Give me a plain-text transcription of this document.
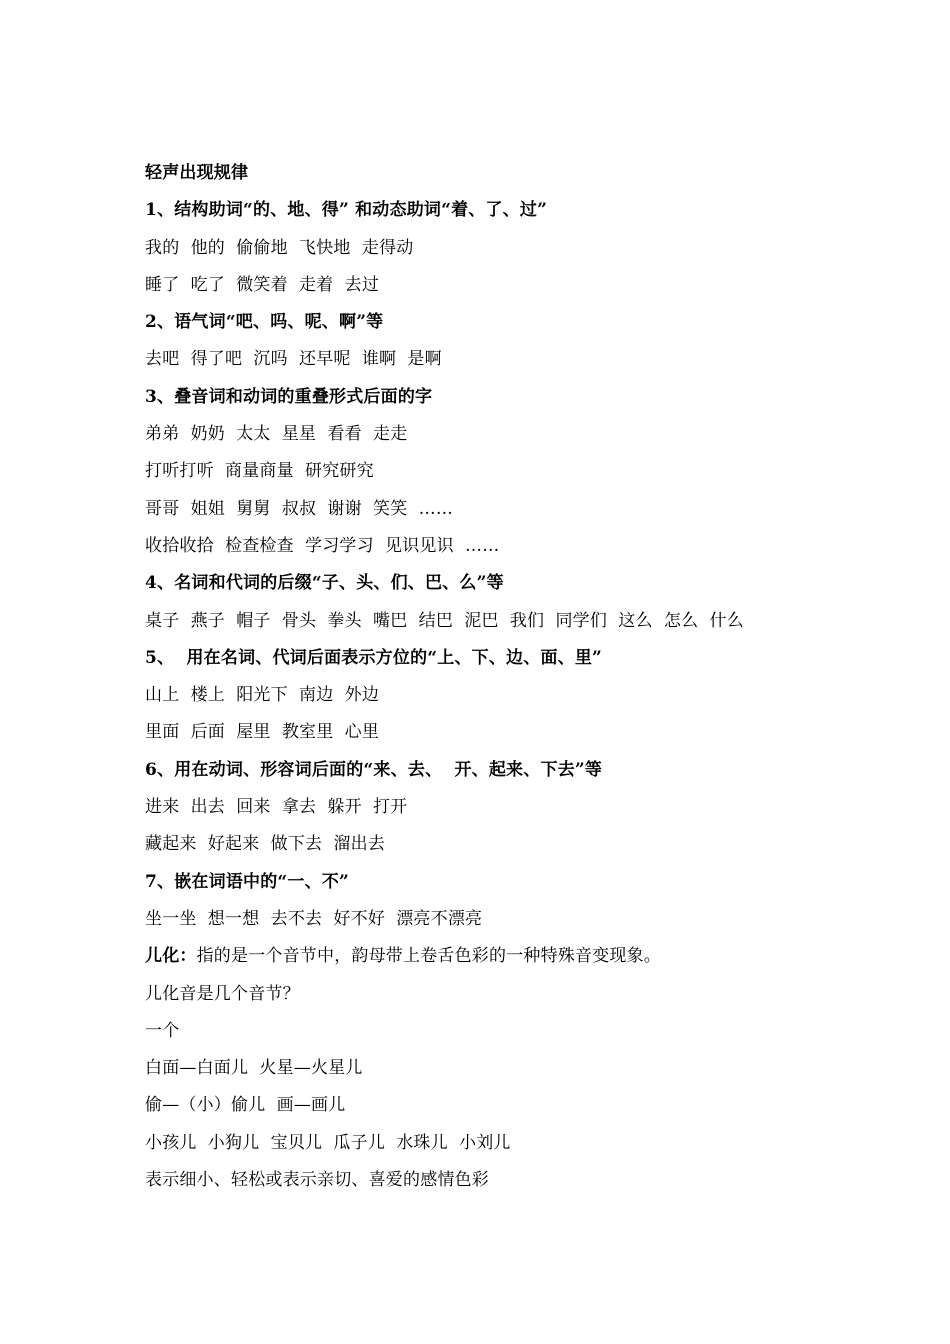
轻声出现规律
1、结构助词“的、地、得” 和动态助词“着、了、过”
我的  他的  偷偷地  飞快地  走得动
睡了  吃了  微笑着  走着  去过
2、语气词“吧、吗、呢、啊”等
去吧  得了吧  沉吗  还早呢  谁啊  是啊
3、叠音词和动词的重叠形式后面的字
弟弟  奶奶  太太  星星  看看  走走
打听打听  商量商量  研究研究
哥哥  姐姐  舅舅  叔叔  谢谢  笑笑  ……
收拾收拾  检查检查  学习学习  见识见识  ……
4、名词和代词的后缀“子、头、们、巴、么”等
桌子  燕子  帽子  骨头  拳头  嘴巴  结巴  泥巴  我们  同学们  这么  怎么  什么
5、  用在名词、代词后面表示方位的“上、下、边、面、里”
山上  楼上  阳光下  南边  外边
里面  后面  屋里  教室里  心里
6、用在动词、形容词后面的“来、去、  开、起来、下去”等
进来  出去  回来  拿去  躲开  打开
藏起来  好起来  做下去  溜出去
7、嵌在词语中的“一、不”
坐一坐  想一想  去不去  好不好  漂亮不漂亮
儿化：指的是一个音节中，韵母带上卷舌色彩的一种特殊音变现象。
儿化音是几个音节？
一个
白面—白面儿  火星—火星儿
偷—（小）偷儿  画—画儿
小孩儿  小狗儿  宝贝儿  瓜子儿  水珠儿  小刘儿
表示细小、轻松或表示亲切、喜爱的感情色彩
